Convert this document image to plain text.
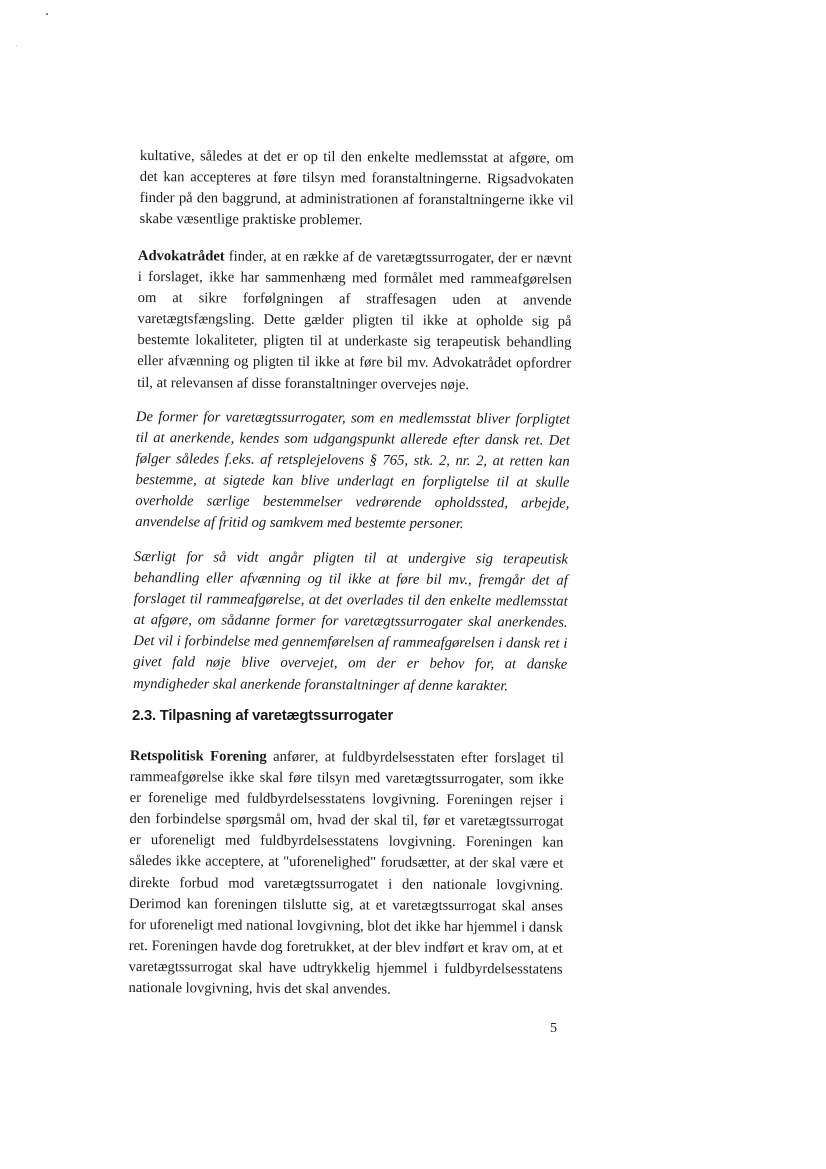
kultative, således at det er op til den enkelte medlemsstat at afgøre, om det kan accepteres at føre tilsyn med foranstaltningerne. Rigsadvokaten finder på den baggrund, at administrationen af foranstaltningerne ikke vil skabe væsentlige praktiske problemer.

Advokatrådet finder, at en række af de varetægtssurrogater, der er nævnt i forslaget, ikke har sammenhæng med formålet med rammeafgørelsen om at sikre forfølgningen af straffesagen uden at anvende varetægtsfængsling. Dette gælder pligten til ikke at opholde sig på bestemte lokaliteter, pligten til at underkaste sig terapeutisk behandling eller afvænning og pligten til ikke at føre bil mv. Advokatrådet opfordrer til, at relevansen af disse foranstaltninger overvejes nøje.

De former for varetægtssurrogater, som en medlemsstat bliver forpligtet til at anerkende, kendes som udgangspunkt allerede efter dansk ret. Det følger således f.eks. af retsplejelovens § 765, stk. 2, nr. 2, at retten kan bestemme, at sigtede kan blive underlagt en forpligtelse til at skulle overholde særlige bestemmelser vedrørende opholdssted, arbejde, anvendelse af fritid og samkvem med bestemte personer.

Særligt for så vidt angår pligten til at undergive sig terapeutisk behandling eller afvænning og til ikke at føre bil mv., fremgår det af forslaget til rammeafgørelse, at det overlades til den enkelte medlemsstat at afgøre, om sådanne former for varetægtssurrogater skal anerkendes. Det vil i forbindelse med gennemførelsen af rammeafgørelsen i dansk ret i givet fald nøje blive overvejet, om der er behov for, at danske myndigheder skal anerkende foranstaltninger af denne karakter.

2.3. Tilpasning af varetægtssurrogater

Retspolitisk Forening anfører, at fuldbyrdelsesstaten efter forslaget til rammeafgørelse ikke skal føre tilsyn med varetægtssurrogater, som ikke er forenelige med fuldbyrdelsesstatens lovgivning. Foreningen rejser i den forbindelse spørgsmål om, hvad der skal til, før et varetægtssurrogat er uforeneligt med fuldbyrdelsesstatens lovgivning. Foreningen kan således ikke acceptere, at "uforenelighed" forudsætter, at der skal være et direkte forbud mod varetægtssurrogatet i den nationale lovgivning. Derimod kan foreningen tilslutte sig, at et varetægtssurrogat skal anses for uforeneligt med national lovgivning, blot det ikke har hjemmel i dansk ret. Foreningen havde dog foretrukket, at der blev indført et krav om, at et varetægtssurrogat skal have udtrykkelig hjemmel i fuldbyrdelsesstatens nationale lovgivning, hvis det skal anvendes.

5
